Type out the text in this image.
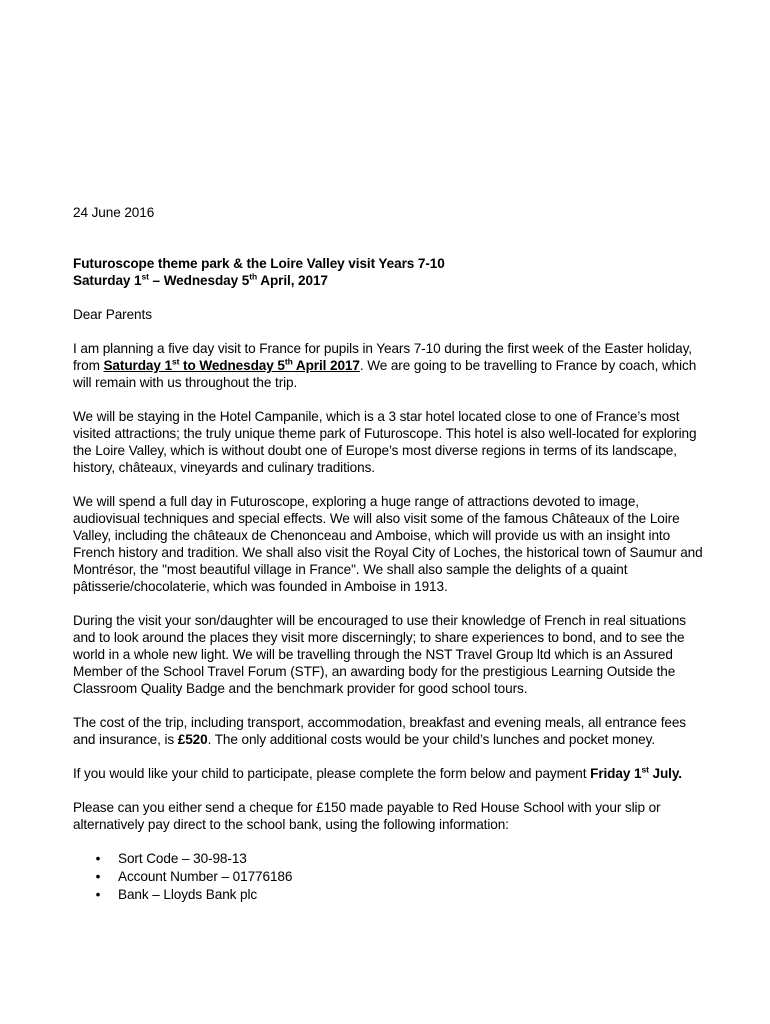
24 June 2016

Futuroscope theme park & the Loire Valley visit Years 7-10
Saturday 1st – Wednesday 5th April, 2017

Dear Parents

I am planning a five day visit to France for pupils in Years 7-10 during the first week of the Easter holiday, from Saturday 1st to Wednesday 5th April 2017. We are going to be travelling to France by coach, which will remain with us throughout the trip.

We will be staying in the Hotel Campanile, which is a 3 star hotel located close to one of France’s most visited attractions; the truly unique theme park of Futuroscope. This hotel is also well-located for exploring the Loire Valley, which is without doubt one of Europe’s most diverse regions in terms of its landscape, history, châteaux, vineyards and culinary traditions.

We will spend a full day in Futuroscope, exploring a huge range of attractions devoted to image, audiovisual techniques and special effects. We will also visit some of the famous Châteaux of the Loire Valley, including the châteaux de Chenonceau and Amboise, which will provide us with an insight into French history and tradition. We shall also visit the Royal City of Loches, the historical town of Saumur and Montrésor, the "most beautiful village in France". We shall also sample the delights of a quaint pâtisserie/chocolaterie, which was founded in Amboise in 1913.

During the visit your son/daughter will be encouraged to use their knowledge of French in real situations and to look around the places they visit more discerningly; to share experiences to bond, and to see the world in a whole new light. We will be travelling through the NST Travel Group ltd which is an Assured Member of the School Travel Forum (STF), an awarding body for the prestigious Learning Outside the Classroom Quality Badge and the benchmark provider for good school tours.

The cost of the trip, including transport, accommodation, breakfast and evening meals, all entrance fees and insurance, is £520. The only additional costs would be your child’s lunches and pocket money.

If you would like your child to participate, please complete the form below and payment Friday 1st July.

Please can you either send a cheque for £150 made payable to Red House School with your slip or alternatively pay direct to the school bank, using the following information:

• Sort Code – 30-98-13
• Account Number – 01776186
• Bank – Lloyds Bank plc
